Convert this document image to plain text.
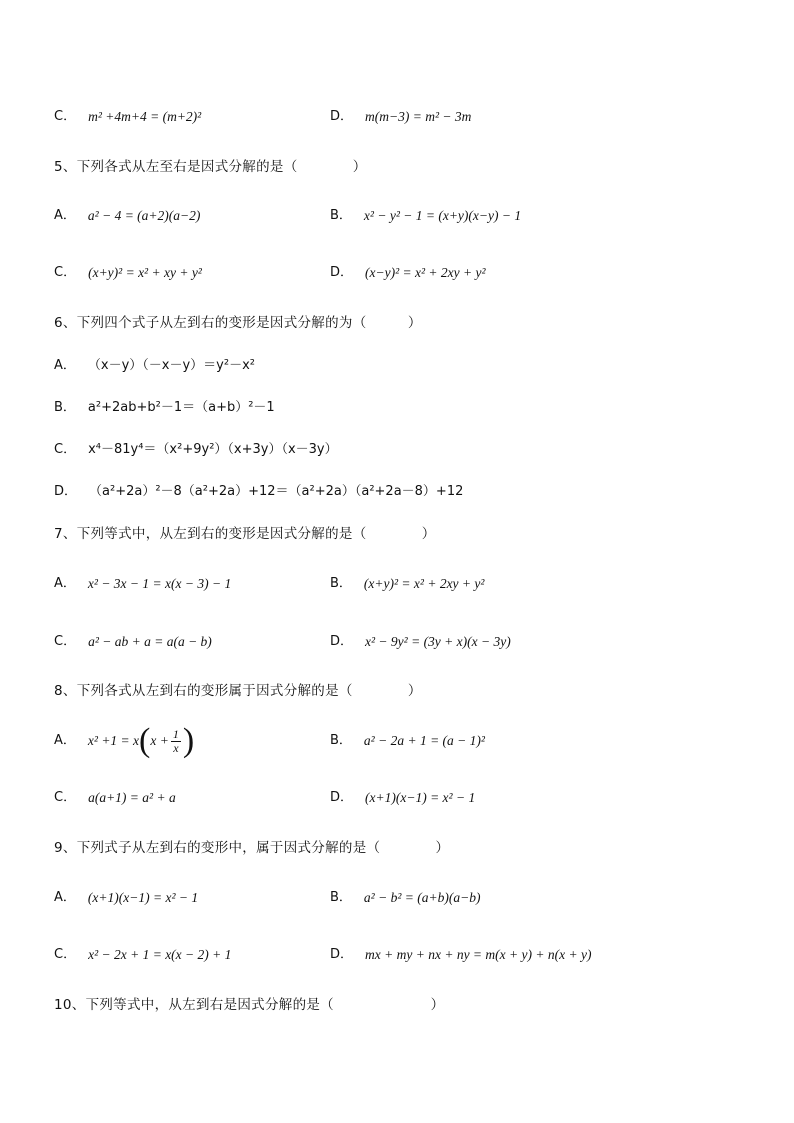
C． m² +4m+4 = (m+2)²	D． m(m−3) = m² − 3m
5、下列各式从左至右是因式分解的是（　　　　）
A． a² − 4 = (a+2)(a−2)	B． x² − y² − 1 = (x+y)(x−y) − 1
C． (x+y)² = x² + xy + y²	D． (x−y)² = x² + 2xy + y²
6、下列四个式子从左到右的变形是因式分解的为（　　　）
A． （x－y）（－x－y）＝y²－x²
B． a²+2ab+b²－1＝（a+b）²－1
C． x⁴－81y⁴＝（x²+9y²）（x+3y）（x－3y）
D． （a²+2a）²－8（a²+2a）+12＝（a²+2a）（a²+2a－8）+12
7、下列等式中，从左到右的变形是因式分解的是（　　　　）
A． x² − 3x − 1 = x(x − 3) − 1	B． (x+y)² = x² + 2xy + y²
C． a² − ab + a = a(a − b)	D． x² − 9y² = (3y + x)(x − 3y)
8、下列各式从左到右的变形属于因式分解的是（　　　　）
A． x² +1 = x ( $x + \frac{1}{x}$ )	B． a² − 2a + 1 = (a − 1)²
C． a(a+1) = a² + a	D． (x+1)(x−1) = x² − 1
9、下列式子从左到右的变形中，属于因式分解的是（　　　　）
A． (x+1)(x−1) = x² − 1	B． a² − b² = (a+b)(a−b)
C． x² − 2x + 1 = x(x − 2) + 1	D． mx + my + nx + ny = m(x + y) + n(x + y)
10、下列等式中，从左到右是因式分解的是（　　　　　　　）
